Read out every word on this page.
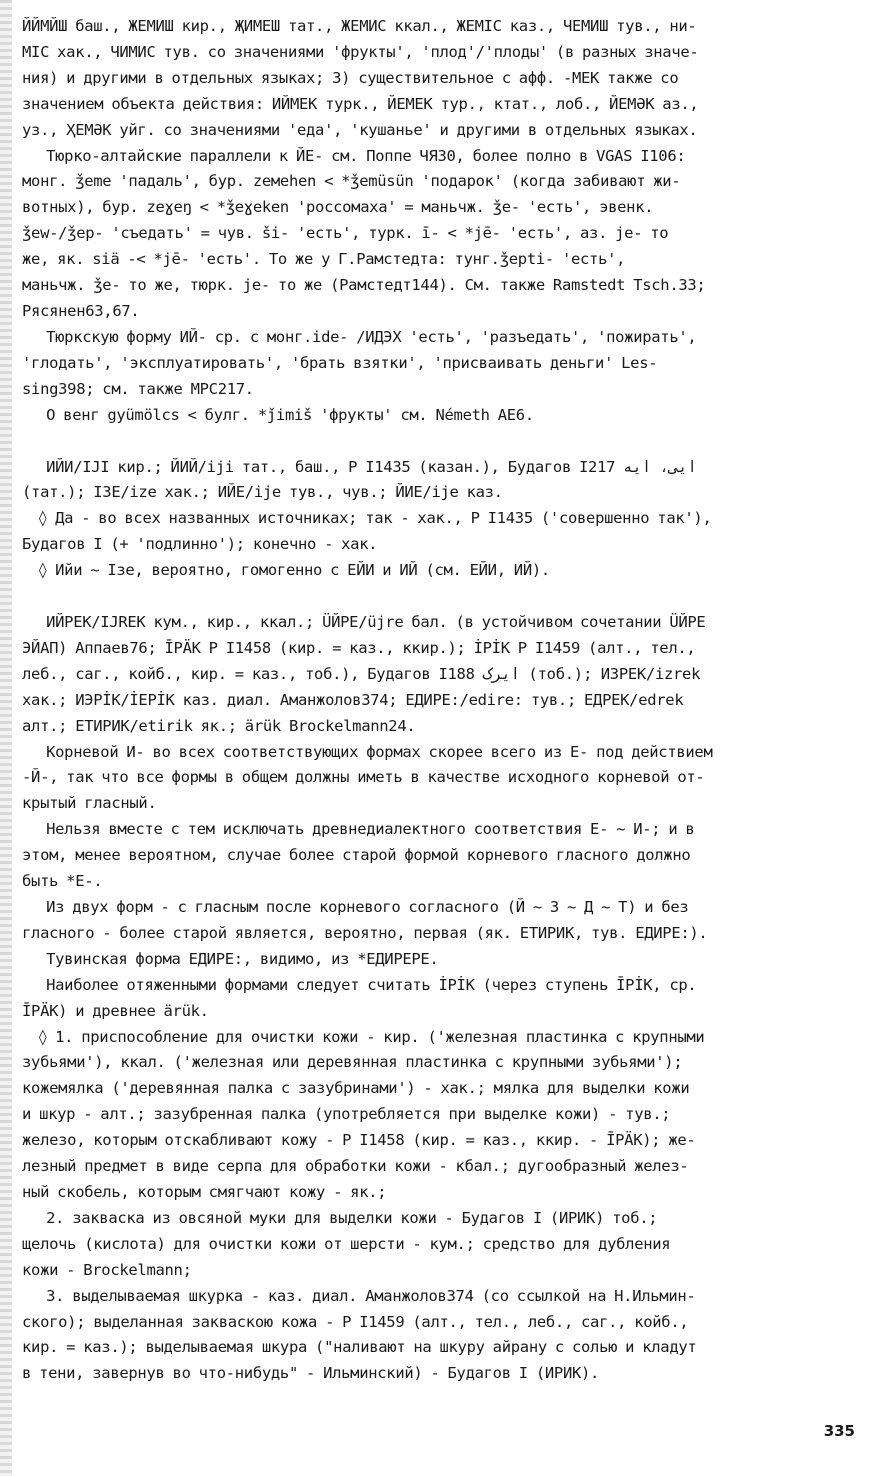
ЙЙМЙШ баш., ЖЕМИШ кир., ҖИМЕШ тат., ЖЕМИС ккал., ЖЕМІС каз., ЧЕМИШ тув., ни-

МІС хак., ЧИМИС тув. со значениями 'фрукты', 'плод'/'плоды' (в разных значе-

ния) и другими в отдельных языках; 3) существительное с афф. -МЕК также со

значением объекта действия: ИЙМЕК турк., ЙЕМЕК тур., ктат., лоб., ЙЕМӘК аз.,

уз., ҲЕМӘК уйг. со значениями 'еда', 'кушанье' и другими в отдельных языках.

Тюрко-алтайские параллели к ЙЕ- см. Поппе ЧЯ30, более полно в VGAS I106:

монг. ǯeme 'падаль', бур. zeмehen < *ǯemüsün 'подарок' (когда забивают жи-

вотных), бур. zeɣeŋ < *ǯeɣeken 'россомаха' = маньчж. ǯe- 'есть', эвенк.

ǯew-/ǯep- 'съедать' = чув. ši- 'есть', турк. ī- < *jē- 'есть', аз. je- то

же, як. siä -< *jē- 'есть'. То же у Г.Рамстедта: тунг.ǯepti- 'есть',

маньчж. ǯe- то же, тюрк. je- то же (Рамстедт144). См. также Ramstedt Tsch.33;

Рясянен63,67.

Тюркскую форму ИЙ- ср. с монг.ide- /ИДЭХ 'есть', 'разъедать', 'пожирать',

'глодать', 'эксплуатировать', 'брать взятки', 'присваивать деньги' Les-

sing398; см. также МРС217.

О венг gyümölcs < булг. *ǰimiš 'фрукты' см. Németh AE6.

ИЙИ/IJI кир.; ЙИЙ/iji тат., баш., Р I1435 (казан.), Будагов I217 ایی، ایه

(тат.); ІЗЕ/ize хак.; ИЙЕ/ije тув., чув.; ЙИЕ/ije каз.

◊ Да - во всех названных источниках; так - хак., Р I1435 ('совершенно так'),

Будагов I (+ 'подлинно'); конечно - хак.

◊ Ийи ~ Ізе, вероятно, гомогенно с ЕЙИ и ИЙ (см. ЕЙИ, ИЙ).

ИЙРЕК/IJREK кум., кир., ккал.; ÜЙРЕ/üjre бал. (в устойчивом сочетании ÜЙРЕ

ЭЙАП) Аппаев76; ĪРӒК Р I1458 (кир. = каз., ккир.); İРİК Р I1459 (алт., тел.,

леб., саг., койб., кир. = каз., тоб.), Будагов I188 ایرک (тоб.); ИЗРЕК/izrek

хак.; ИЭРİК/İЕРİК каз. диал. Аманжолов374; ЕДИРЕ:/edire: тув.; ЕДРЕК/edrek

алт.; ЕТИРИК/etirik як.; ärük Brockelmann24.

Корневой И- во всех соответствующих формах скорее всего из Е- под действием

-Й-, так что все формы в общем должны иметь в качестве исходного корневой от-

крытый гласный.

Нельзя вместе с тем исключать древнедиалектного соответствия Е- ~ И-; и в

этом, менее вероятном, случае более старой формой корневого гласного должно

быть *Е-.

Из двух форм - с гласным после корневого согласного (Й ~ З ~ Д ~ Т) и без

гласного - более старой является, вероятно, первая (як. ЕТИРИК, тув. ЕДИРЕ:).

Тувинская форма ЕДИРЕ:, видимо, из *ЕДИРЕРЕ.

Наиболее отяженными формами следует считать İРİК (через ступень ĪРİК, ср.

ĪРӒК) и древнее ärük.

◊ 1. приспособление для очистки кожи - кир. ('железная пластинка с крупными

зубьями'), ккал. ('железная или деревянная пластинка с крупными зубьями');

кожемялка ('деревянная палка с зазубринами') - хак.; мялка для выделки кожи

и шкур - алт.; зазубренная палка (употребляется при выделке кожи) - тув.;

железо, которым отскабливают кожу - Р I1458 (кир. = каз., ккир. - ĪРӒК); же-

лезный предмет в виде серпа для обработки кожи - кбал.; дугообразный желез-

ный скобель, которым смягчают кожу - як.;

2. закваска из овсяной муки для выделки кожи - Будагов I (ИРИК) тоб.;

щелочь (кислота) для очистки кожи от шерсти - кум.; средство для дубления

кожи - Brockelmann;

3. выделываемая шкурка - каз. диал. Аманжолов374 (со ссылкой на Н.Ильмин-

ского); выделанная закваскою кожа - Р I1459 (алт., тел., леб., саг., койб.,

кир. = каз.); выделываемая шкура ("наливают на шкуру айрану с солью и кладут

в тени, завернув во что-нибудь" - Ильминский) - Будагов I (ИРИК).

335
